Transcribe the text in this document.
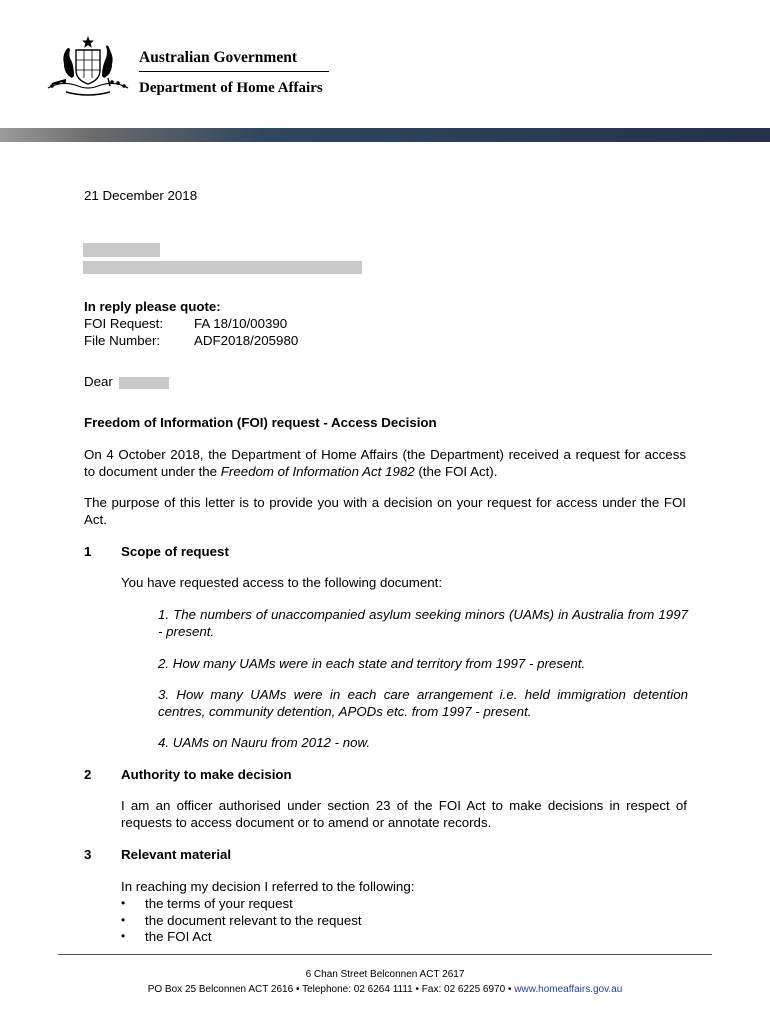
Australian Government
Department of Home Affairs
21 December 2018
In reply please quote:
FOI Request: FA 18/10/00390
File Number:	ADF2018/205980
Dear
Freedom of Information (FOI) request - Access Decision
On 4 October 2018, the Department of Home Affairs (the Department) received a request for access to document under the Freedom of Information Act 1982 (the FOI Act).
The purpose of this letter is to provide you with a decision on your request for access under the FOI Act.
1 Scope of request
You have requested access to the following document:
1. The numbers of unaccompanied asylum seeking minors (UAMs) in Australia from 1997 - present.
2. How many UAMs were in each state and territory from 1997 - present.
3. How many UAMs were in each care arrangement i.e. held immigration detention centres, community detention, APODs etc. from 1997 - present.
4. UAMs on Nauru from 2012 - now.
2 Authority to make decision
I am an officer authorised under section 23 of the FOI Act to make decisions in respect of requests to access document or to amend or annotate records.
3 Relevant material
In reaching my decision I referred to the following:
• the terms of your request
• the document relevant to the request
• the FOI Act
6 Chan Street Belconnen ACT 2617
PO Box 25 Belconnen ACT 2616 • Telephone: 02 6264 1111 • Fax: 02 6225 6970 • www.homeaffairs.gov.au
